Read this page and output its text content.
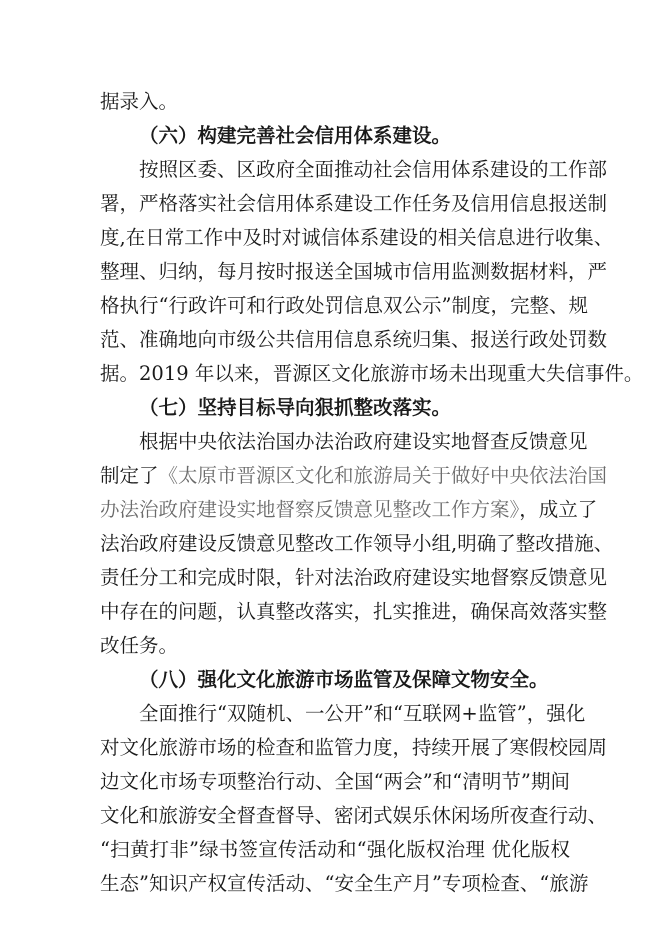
据录入。
（六）构建完善社会信用体系建设。
按照区委、区政府全面推动社会信用体系建设的工作部
署，严格落实社会信用体系建设工作任务及信用信息报送制
度,在日常工作中及时对诚信体系建设的相关信息进行收集、
整理、归纳，每月按时报送全国城市信用监测数据材料，严
格执行“行政许可和行政处罚信息双公示”制度，完整、规
范、准确地向市级公共信用信息系统归集、报送行政处罚数
据。2019 年以来，晋源区文化旅游市场未出现重大失信事件。
（七）坚持目标导向狠抓整改落实。
根据中央依法治国办法治政府建设实地督查反馈意见
制定了《太原市晋源区文化和旅游局关于做好中央依法治国
办法治政府建设实地督察反馈意见整改工作方案》，成立了
法治政府建设反馈意见整改工作领导小组,明确了整改措施、
责任分工和完成时限，针对法治政府建设实地督察反馈意见
中存在的问题，认真整改落实，扎实推进，确保高效落实整
改任务。
（八）强化文化旅游市场监管及保障文物安全。
全面推行“双随机、一公开”和“互联网+监管”，强化
对文化旅游市场的检查和监管力度，持续开展了寒假校园周
边文化市场专项整治行动、全国“两会”和“清明节”期间
文化和旅游安全督查督导、密闭式娱乐休闲场所夜查行动、
“扫黄打非”绿书签宣传活动和“强化版权治理 优化版权
生态”知识产权宣传活动、“安全生产月”专项检查、“旅游
